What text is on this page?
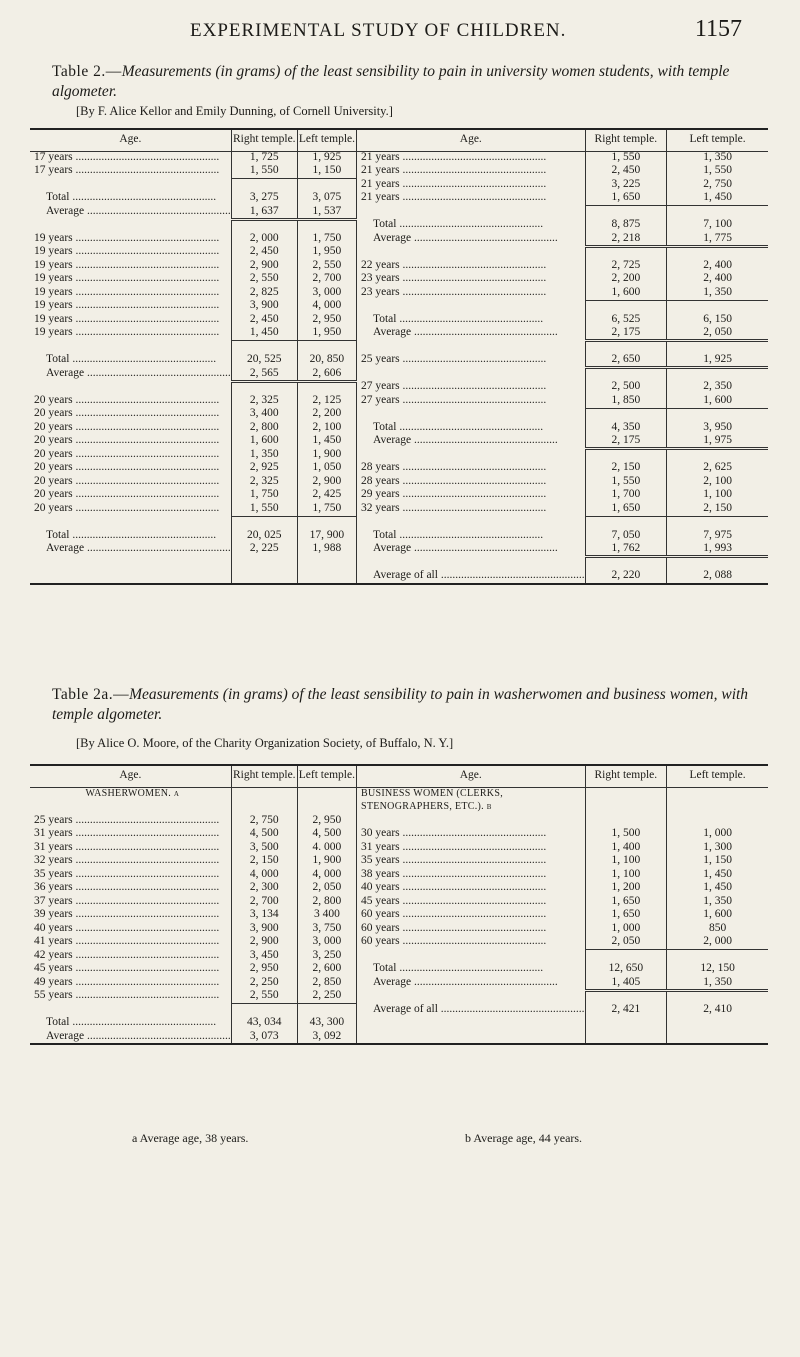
EXPERIMENTAL STUDY OF CHILDREN.	1157
Table 2.—Measurements (in grams) of the least sensibility to pain in university women students, with temple algometer.
[By F. Alice Kellor and Emily Dunning, of Cornell University.]
Age.	Right temple.	Left temple.	Age.	Right temple.	Left temple.
17 years ..................................................	1, 725	1, 925	21 years ..................................................	1, 550	1, 350
17 years ..................................................	1, 550	1, 150	21 years ..................................................	2, 450	1, 550
			21 years ..................................................	3, 225	2, 750
Total ..................................................	3, 275	3, 075	21 years ..................................................	1, 650	1, 450
Average ..................................................	1, 637	1, 537			
			Total ..................................................	8, 875	7, 100
19 years ..................................................	2, 000	1, 750	Average ..................................................	2, 218	1, 775
19 years ..................................................	2, 450	1, 950			
19 years ..................................................	2, 900	2, 550	22 years ..................................................	2, 725	2, 400
19 years ..................................................	2, 550	2, 700	23 years ..................................................	2, 200	2, 400
19 years ..................................................	2, 825	3, 000	23 years ..................................................	1, 600	1, 350
19 years ..................................................	3, 900	4, 000			
19 years ..................................................	2, 450	2, 950	Total ..................................................	6, 525	6, 150
19 years ..................................................	1, 450	1, 950	Average ..................................................	2, 175	2, 050

Total ..................................................	20, 525	20, 850	25 years ..................................................	2, 650	1, 925
Average ..................................................	2, 565	2, 606			
			27 years ..................................................	2, 500	2, 350
20 years ..................................................	2, 325	2, 125	27 years ..................................................	1, 850	1, 600
20 years ..................................................	3, 400	2, 200			
20 years ..................................................	2, 800	2, 100	Total ..................................................	4, 350	3, 950
20 years ..................................................	1, 600	1, 450	Average ..................................................	2, 175	1, 975
20 years ..................................................	1, 350	1, 900			
20 years ..................................................	2, 925	1, 050	28 years ..................................................	2, 150	2, 625
20 years ..................................................	2, 325	2, 900	28 years ..................................................	1, 550	2, 100
20 years ..................................................	1, 750	2, 425	29 years ..................................................	1, 700	1, 100
20 years ..................................................	1, 550	1, 750	32 years ..................................................	1, 650	2, 150

Total ..................................................	20, 025	17, 900	Total ..................................................	7, 050	7, 975
Average ..................................................	2, 225	1, 988	Average ..................................................	1, 762	1, 993

			Average of all ..................................................	2, 220	2, 088
Table 2a.—Measurements (in grams) of the least sensibility to pain in washerwomen and business women, with temple algometer.
[By Alice O. Moore, of the Charity Organization Society, of Buffalo, N. Y.]
Age.	Right temple.	Left temple.	Age.	Right temple.	Left temple.
WASHERWOMEN. a			BUSINESS WOMEN (CLERKS,		
			STENOGRAPHERS, ETC.). b		
25 years ..................................................	2, 750	2, 950			
31 years ..................................................	4, 500	4, 500	30 years ..................................................	1, 500	1, 000
31 years ..................................................	3, 500	4. 000	31 years ..................................................	1, 400	1, 300
32 years ..................................................	2, 150	1, 900	35 years ..................................................	1, 100	1, 150
35 years ..................................................	4, 000	4, 000	38 years ..................................................	1, 100	1, 450
36 years ..................................................	2, 300	2, 050	40 years ..................................................	1, 200	1, 450
37 years ..................................................	2, 700	2, 800	45 years ..................................................	1, 650	1, 350
39 years ..................................................	3, 134	3 400	60 years ..................................................	1, 650	1, 600
40 years ..................................................	3, 900	3, 750	60 years ..................................................	1, 000	850
41 years ..................................................	2, 900	3, 000	60 years ..................................................	2, 050	2, 000
42 years ..................................................	3, 450	3, 250			
45 years ..................................................	2, 950	2, 600	Total ..................................................	12, 650	12, 150
49 years ..................................................	2, 250	2, 850	Average ..................................................	1, 405	1, 350
55 years ..................................................	2, 550	2, 250			
			Average of all ..................................................	2, 421	2, 410
Total ..................................................	43, 034	43, 300			
Average ..................................................	3, 073	3, 092			
a Average age, 38 years.	b Average age, 44 years.
